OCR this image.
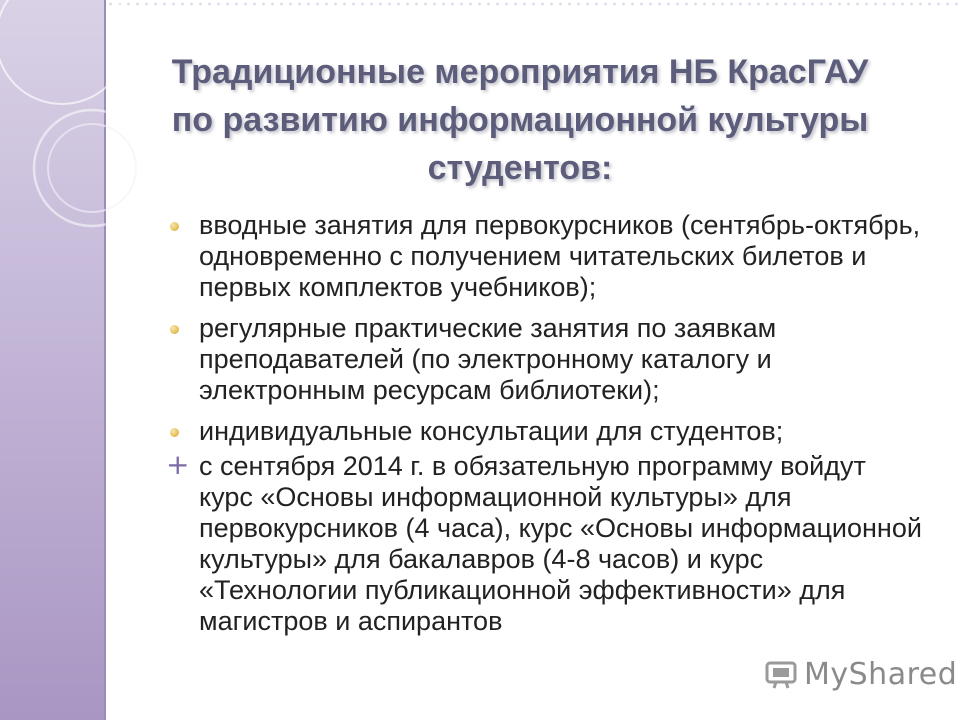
Традиционные мероприятия НБ КрасГАУ по развитию информационной культуры студентов:
вводные занятия для первокурсников (сентябрь-октябрь, одновременно с получением читательских билетов и первых комплектов учебников);
регулярные практические занятия по заявкам преподавателей (по электронному каталогу и электронным ресурсам библиотеки);
индивидуальные консультации для студентов;
+ с сентября 2014 г. в обязательную программу войдут курс «Основы информационной культуры» для первокурсников (4 часа), курс «Основы информационной культуры» для бакалавров (4-8 часов) и курс «Технологии публикационной эффективности» для магистров и аспирантов
MyShared
